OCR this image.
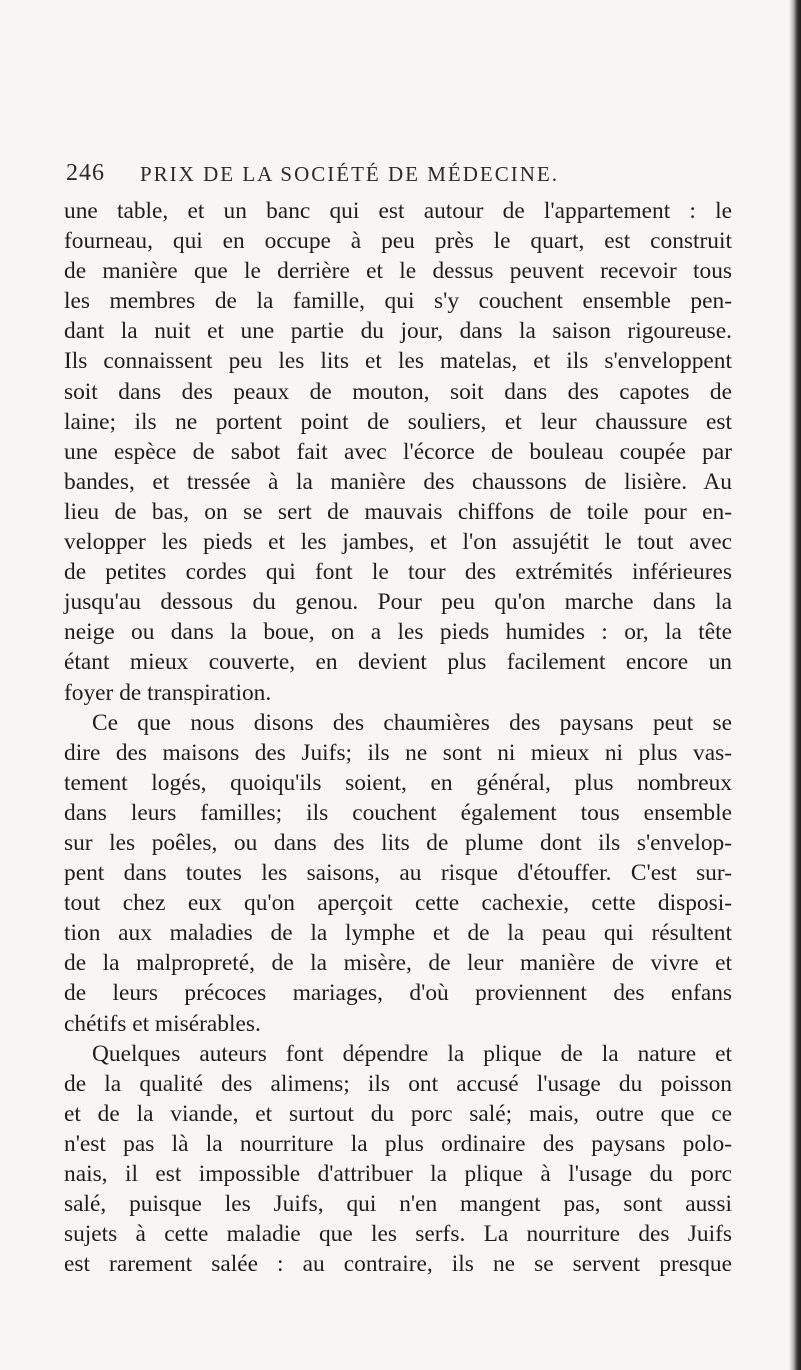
246 PRIX DE LA SOCIÉTÉ DE MÉDECINE.
une table, et un banc qui est autour de l'appartement : le
fourneau, qui en occupe à peu près le quart, est construit
de manière que le derrière et le dessus peuvent recevoir tous
les membres de la famille, qui s'y couchent ensemble pen-
dant la nuit et une partie du jour, dans la saison rigoureuse.
Ils connaissent peu les lits et les matelas, et ils s'enveloppent
soit dans des peaux de mouton, soit dans des capotes de
laine; ils ne portent point de souliers, et leur chaussure est
une espèce de sabot fait avec l'écorce de bouleau coupée par
bandes, et tressée à la manière des chaussons de lisière. Au
lieu de bas, on se sert de mauvais chiffons de toile pour en-
velopper les pieds et les jambes, et l'on assujétit le tout avec
de petites cordes qui font le tour des extrémités inférieures
jusqu'au dessous du genou. Pour peu qu'on marche dans la
neige ou dans la boue, on a les pieds humides : or, la tête
étant mieux couverte, en devient plus facilement encore un
foyer de transpiration.
Ce que nous disons des chaumières des paysans peut se
dire des maisons des Juifs; ils ne sont ni mieux ni plus vas-
tement logés, quoiqu'ils soient, en général, plus nombreux
dans leurs familles; ils couchent également tous ensemble
sur les poêles, ou dans des lits de plume dont ils s'envelop-
pent dans toutes les saisons, au risque d'étouffer. C'est sur-
tout chez eux qu'on aperçoit cette cachexie, cette disposi-
tion aux maladies de la lymphe et de la peau qui résultent
de la malpropreté, de la misère, de leur manière de vivre et
de leurs précoces mariages, d'où proviennent des enfans
chétifs et misérables.
Quelques auteurs font dépendre la plique de la nature et
de la qualité des alimens; ils ont accusé l'usage du poisson
et de la viande, et surtout du porc salé; mais, outre que ce
n'est pas là la nourriture la plus ordinaire des paysans polo-
nais, il est impossible d'attribuer la plique à l'usage du porc
salé, puisque les Juifs, qui n'en mangent pas, sont aussi
sujets à cette maladie que les serfs. La nourriture des Juifs
est rarement salée : au contraire, ils ne se servent presque
